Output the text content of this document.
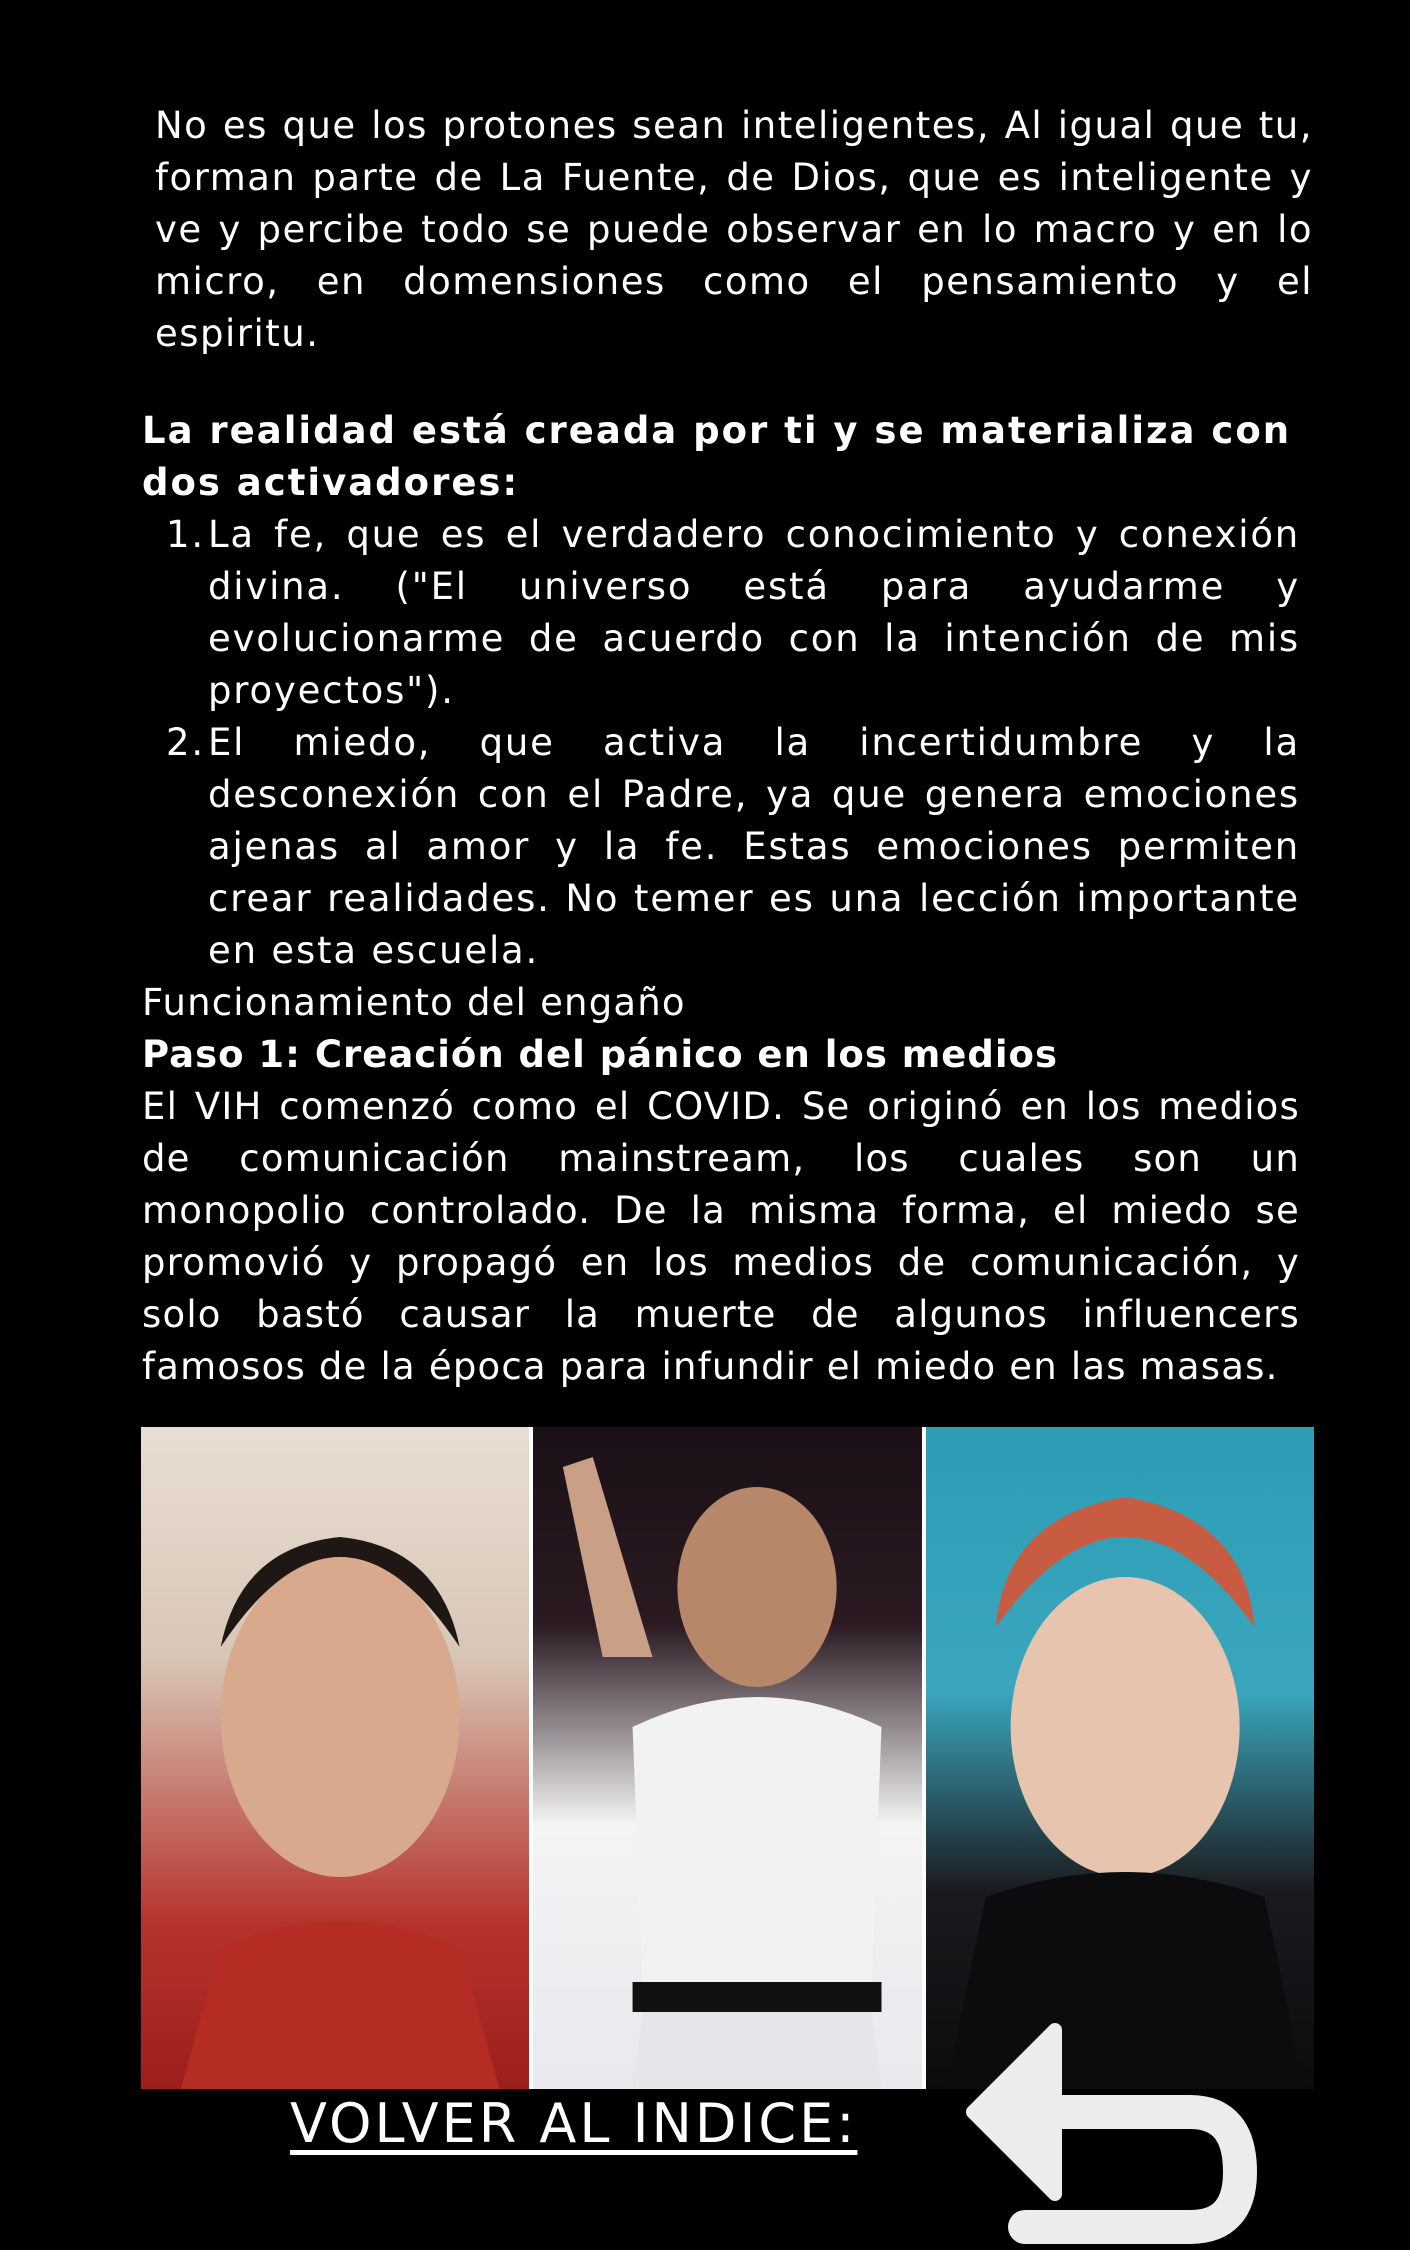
No es que los protones sean inteligentes, Al igual que tu, forman parte de La Fuente, de Dios, que es inteligente y ve y percibe todo se puede observar en lo macro y en lo micro, en domensiones como el pensamiento y el espiritu.
La realidad está creada por ti y se materializa con dos activadores:
1. La fe, que es el verdadero conocimiento y conexión divina. ("El universo está para ayudarme y evolucionarme de acuerdo con la intención de mis proyectos").
2. El miedo, que activa la incertidumbre y la desconexión con el Padre, ya que genera emociones ajenas al amor y la fe. Estas emociones permiten crear realidades. No temer es una lección importante en esta escuela.
Funcionamiento del engaño
Paso 1: Creación del pánico en los medios
El VIH comenzó como el COVID. Se originó en los medios de comunicación mainstream, los cuales son un monopolio controlado. De la misma forma, el miedo se promovió y propagó en los medios de comunicación, y solo bastó causar la muerte de algunos influencers famosos de la época para infundir el miedo en las masas.
VOLVER AL INDICE:
